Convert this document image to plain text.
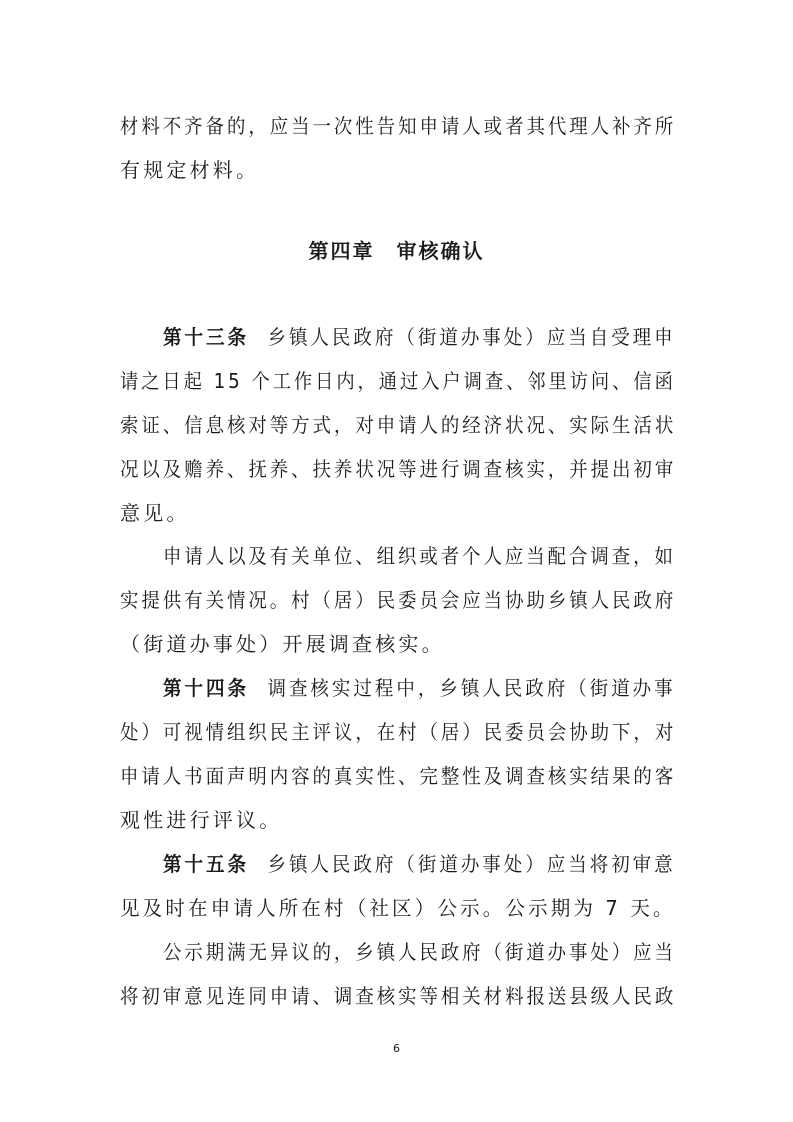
材料不齐备的，应当一次性告知申请人或者其代理人补齐所
有规定材料。
第四章 审核确认
第十三条 乡镇人民政府（街道办事处）应当自受理申
请之日起 15 个工作日内，通过入户调查、邻里访问、信函
索证、信息核对等方式，对申请人的经济状况、实际生活状
况以及赡养、抚养、扶养状况等进行调查核实，并提出初审
意见。
申请人以及有关单位、组织或者个人应当配合调查，如
实提供有关情况。村（居）民委员会应当协助乡镇人民政府
（街道办事处）开展调查核实。
第十四条 调查核实过程中，乡镇人民政府（街道办事
处）可视情组织民主评议，在村（居）民委员会协助下，对
申请人书面声明内容的真实性、完整性及调查核实结果的客
观性进行评议。
第十五条 乡镇人民政府（街道办事处）应当将初审意
见及时在申请人所在村（社区）公示。公示期为 7 天。
公示期满无异议的，乡镇人民政府（街道办事处）应当
将初审意见连同申请、调查核实等相关材料报送县级人民政
6
